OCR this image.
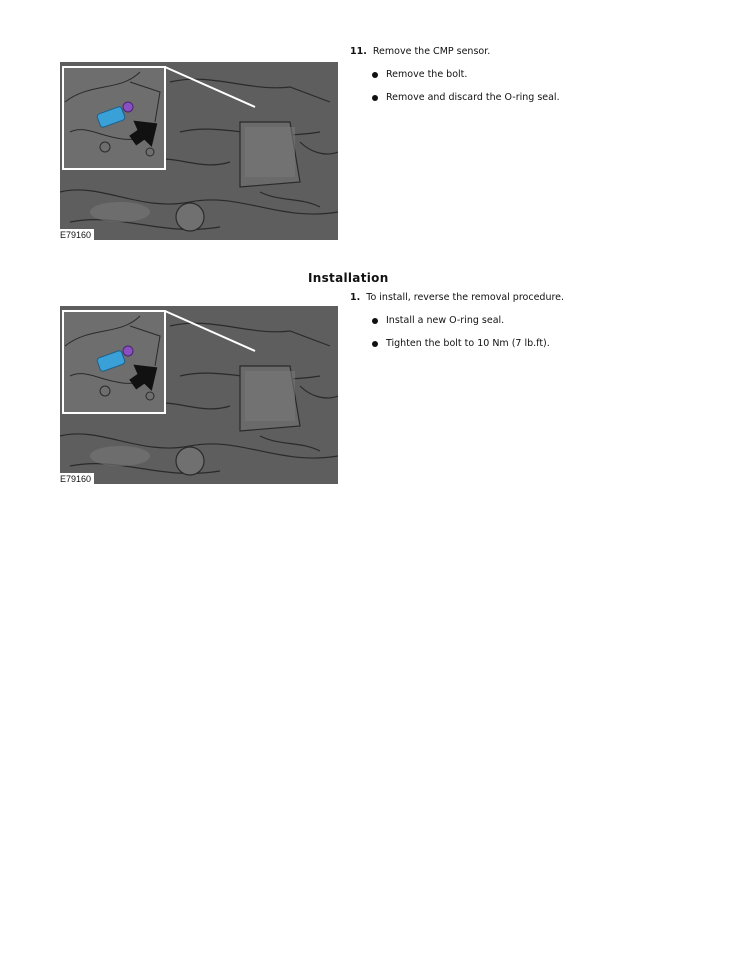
E79160
11. Remove the CMP sensor.
Remove the bolt.
Remove and discard the O-ring seal.
Installation
E79160
1. To install, reverse the removal procedure.
Install a new O-ring seal.
Tighten the bolt to 10 Nm (7 lb.ft).
